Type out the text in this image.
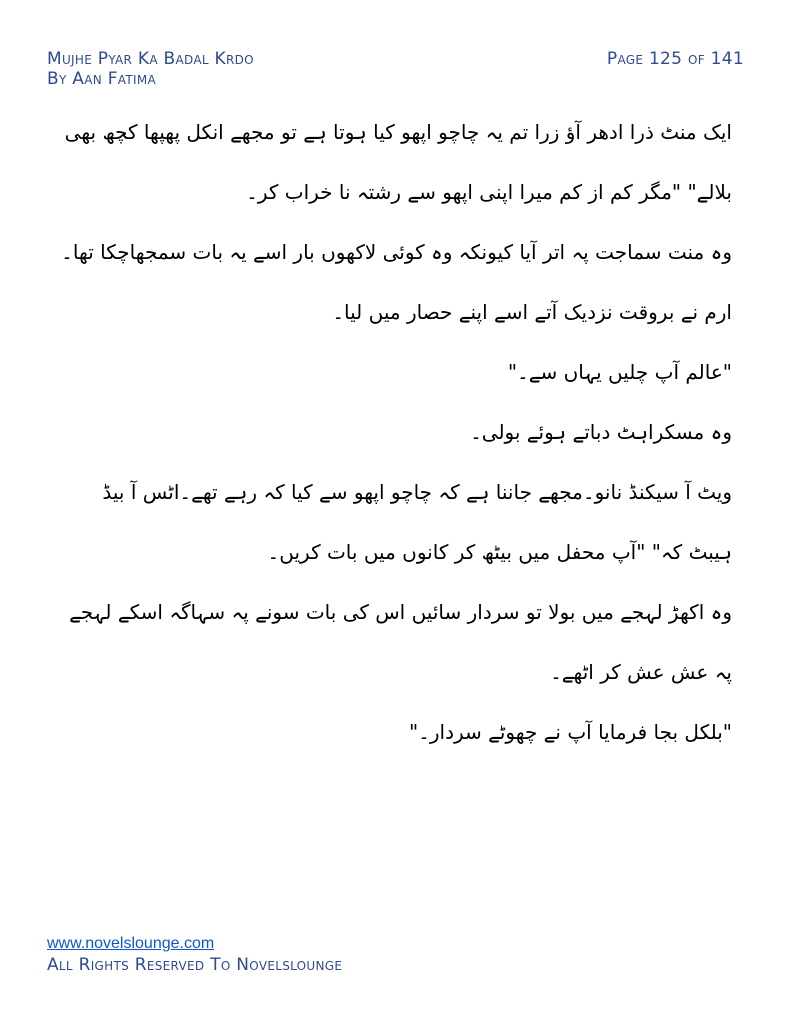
Mujhe Pyar Ka Badal Krdo
By Aan Fatima
Page 125 of 141

ایک منٹ ذرا ادھر آؤ زرا تم یہ چاچو اپھو کیا ہوتا ہے تو مجھے انکل پھپھا کچھ بھی بلالے" "مگر کم از کم میرا اپنی اپھو سے رشتہ نا خراب کر۔

وہ منت سماجت پہ اتر آیا کیونکہ وہ کوئی لاکھوں بار اسے یہ بات سمجھاچکا تھا۔ارم نے بروقت نزدیک آتے اسے اپنے حصار میں لیا۔

"عالم آپ چلیں یہاں سے۔"

وہ مسکراہٹ دباتے ہوئے بولی۔

ویٹ آ سیکنڈ نانو۔مجھے جاننا ہے کہ چاچو اپھو سے کیا کہ رہے تھے۔اٹس آ بیڈ ہیبٹ کہ" "آپ محفل میں بیٹھ کر کانوں میں بات کریں۔

وہ اکھڑ لہجے میں بولا تو سردار سائیں اس کی بات سونے پہ سہاگہ اسکے لہجے پہ عش عش کر اٹھے۔

"بلکل بجا فرمایا آپ نے چھوٹے سردار۔"

www.novelslounge.com
All Rights Reserved To Novelslounge
